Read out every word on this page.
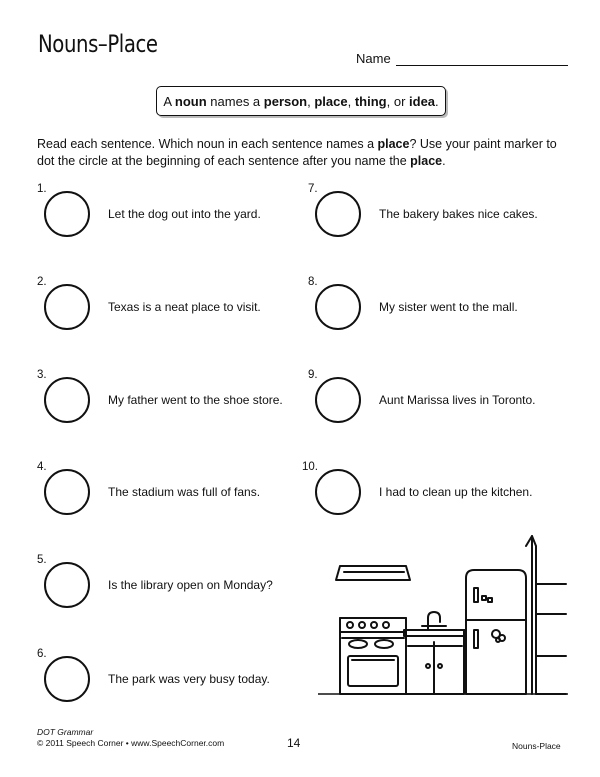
Nouns–Place
Name
A noun names a person, place, thing, or idea.
Read each sentence. Which noun in each sentence names a place? Use your paint marker to dot the circle at the beginning of each sentence after you name the place.
1.
Let the dog out into the yard.
2.
Texas is a neat place to visit.
3.
My father went to the shoe store.
4.
The stadium was full of fans.
5.
Is the library open on Monday?
6.
The park was very busy today.
7.
The bakery bakes nice cakes.
8.
My sister went to the mall.
9.
Aunt Marissa lives in Toronto.
10.
I had to clean up the kitchen.
DOT Grammar
© 2011 Speech Corner • www.SpeechCorner.com	14	Nouns-Place
